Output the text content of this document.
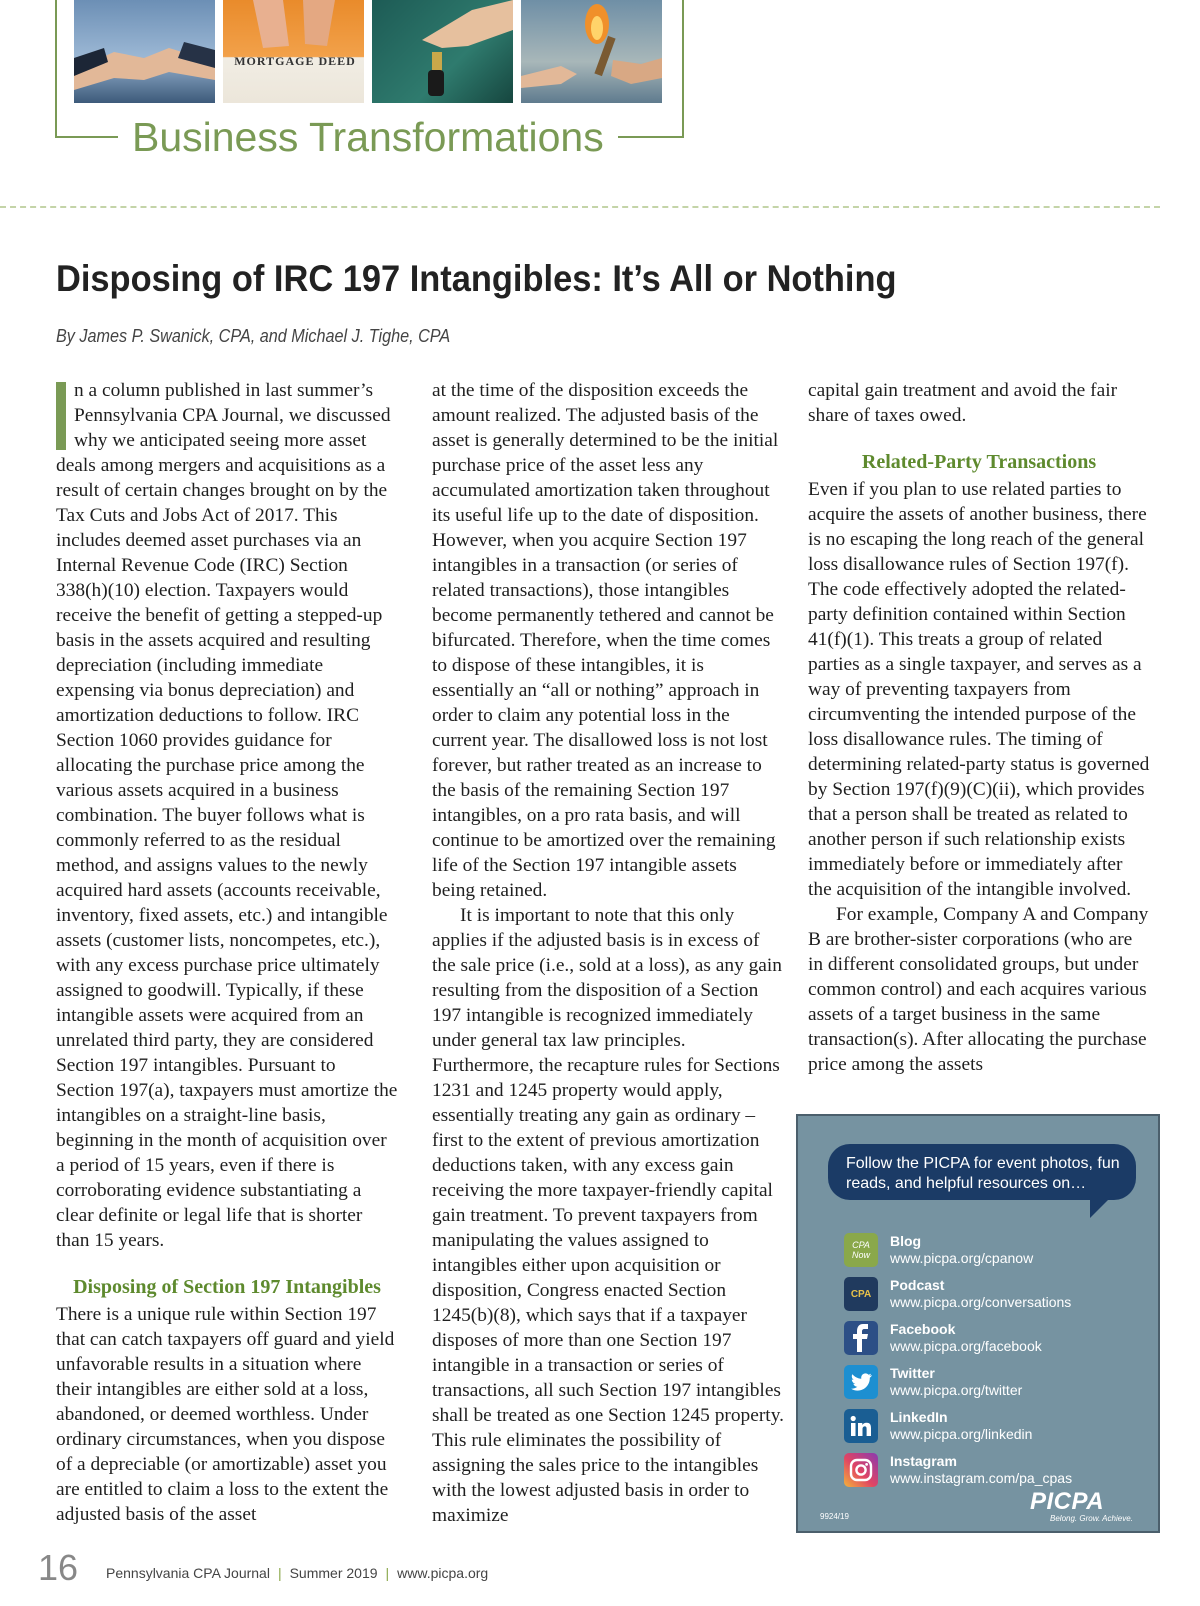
MORTGAGE DEED
Business Transformations
Disposing of IRC 197 Intangibles: It’s All or Nothing
By James P. Swanick, CPA, and Michael J. Tighe, CPA

n a column published in last summer’s Pennsylvania CPA Journal, we discussed why we anticipated seeing more asset deals among mergers and acquisitions as a result of certain changes brought on by the Tax Cuts and Jobs Act of 2017. This includes deemed asset purchases via an Internal Revenue Code (IRC) Section 338(h)(10) election. Taxpayers would receive the benefit of getting a stepped-up basis in the assets acquired and resulting depreciation (including immediate expensing via bonus depreciation) and amortization deductions to follow. IRC Section 1060 provides guidance for allocating the purchase price among the various assets acquired in a business combination. The buyer follows what is commonly referred to as the residual method, and assigns values to the newly acquired hard assets (accounts receivable, inventory, fixed assets, etc.) and intangible assets (customer lists, noncompetes, etc.), with any excess purchase price ultimately assigned to goodwill. Typically, if these intangible assets were acquired from an unrelated third party, they are considered Section 197 intangibles. Pursuant to Section 197(a), taxpayers must amortize the intangibles on a straight-line basis, beginning in the month of acquisition over a period of 15 years, even if there is corroborating evidence substantiating a clear definite or legal life that is shorter than 15 years.

Disposing of Section 197 Intangibles

There is a unique rule within Section 197 that can catch taxpayers off guard and yield unfavorable results in a situation where their intangibles are either sold at a loss, abandoned, or deemed worthless. Under ordinary circumstances, when you dispose of a depreciable (or amortizable) asset you are entitled to claim a loss to the extent the adjusted basis of the asset

at the time of the disposition exceeds the amount realized. The adjusted basis of the asset is generally determined to be the initial purchase price of the asset less any accumulated amortization taken throughout its useful life up to the date of disposition. However, when you acquire Section 197 intangibles in a transaction (or series of related transactions), those intangibles become permanently tethered and cannot be bifurcated. Therefore, when the time comes to dispose of these intangibles, it is essentially an “all or nothing” approach in order to claim any potential loss in the current year. The disallowed loss is not lost forever, but rather treated as an increase to the basis of the remaining Section 197 intangibles, on a pro rata basis, and will continue to be amortized over the remaining life of the Section 197 intangible assets being retained.

It is important to note that this only applies if the adjusted basis is in excess of the sale price (i.e., sold at a loss), as any gain resulting from the disposition of a Section 197 intangible is recognized immediately under general tax law principles. Furthermore, the recapture rules for Sections 1231 and 1245 property would apply, essentially treating any gain as ordinary – first to the extent of previous amortization deductions taken, with any excess gain receiving the more taxpayer-friendly capital gain treatment. To prevent taxpayers from manipulating the values assigned to intangibles either upon acquisition or disposition, Congress enacted Section 1245(b)(8), which says that if a taxpayer disposes of more than one Section 197 intangible in a transaction or series of transactions, all such Section 197 intangibles shall be treated as one Section 1245 property. This rule eliminates the possibility of assigning the sales price to the intangibles with the lowest adjusted basis in order to maximize

capital gain treatment and avoid the fair share of taxes owed.

Related-Party Transactions

Even if you plan to use related parties to acquire the assets of another business, there is no escaping the long reach of the general loss disallowance rules of Section 197(f). The code effectively adopted the related-party definition contained within Section 41(f)(1). This treats a group of related parties as a single taxpayer, and serves as a way of preventing taxpayers from circumventing the intended purpose of the loss disallowance rules. The timing of determining related-party status is governed by Section 197(f)(9)(C)(ii), which provides that a person shall be treated as related to another person if such relationship exists immediately before or immediately after the acquisition of the intangible involved.

For example, Company A and Company B are brother-sister corporations (who are in different consolidated groups, but under common control) and each acquires various assets of a target business in the same transaction(s). After allocating the purchase price among the assets

Follow the PICPA for event photos, fun reads, and helpful resources on…
CPA Now
Blog
www.picpa.org/cpanow
CPA
Podcast
www.picpa.org/conversations
Facebook
www.picpa.org/facebook
Twitter
www.picpa.org/twitter
LinkedIn
www.picpa.org/linkedin
Instagram
www.instagram.com/pa_cpas
9924/19
PICPA
Belong. Grow. Achieve.
16 Pennsylvania CPA Journal | Summer 2019 | www.picpa.org
